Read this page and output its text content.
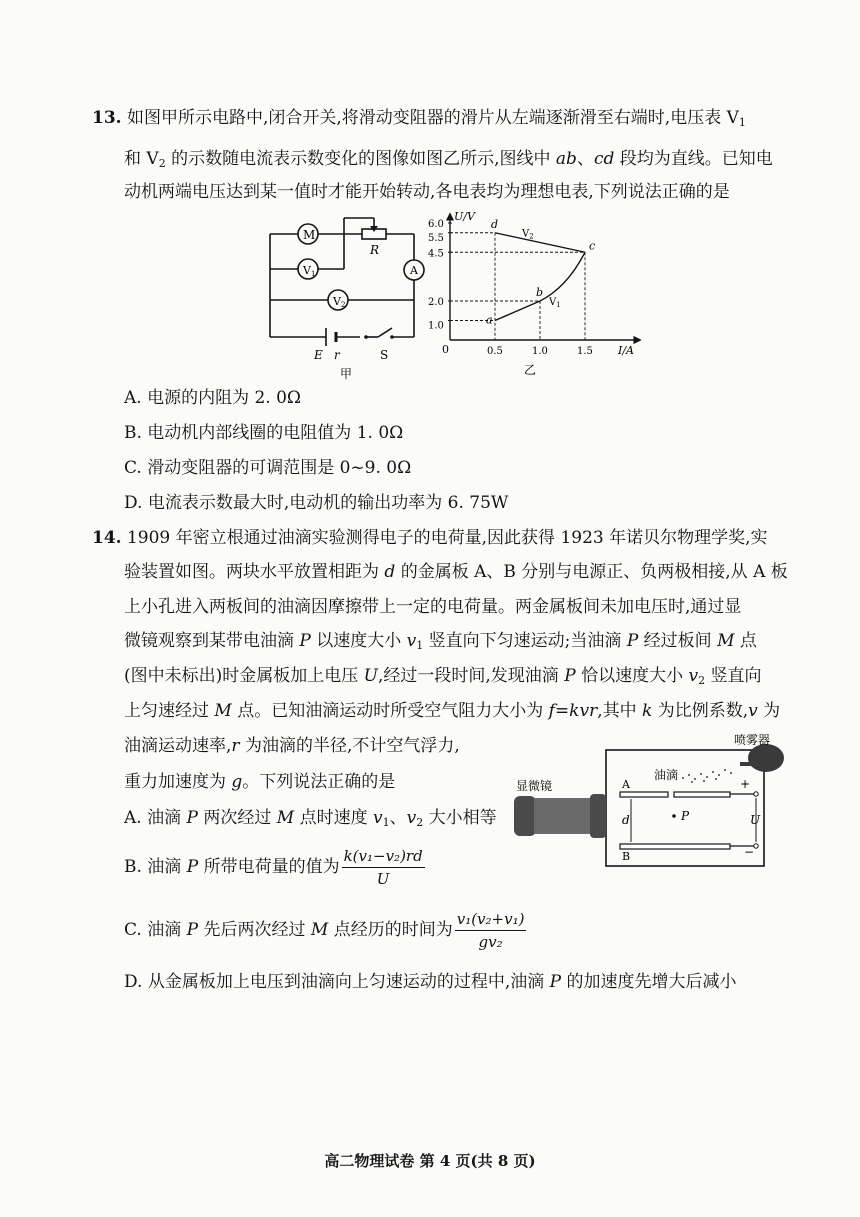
13. 如图甲所示电路中,闭合开关,将滑动变阻器的滑片从左端逐渐滑至右端时,电压表 $V_1$
和 $V_2$ 的示数随电流表示数变化的图像如图乙所示,图线中 ab、cd 段均为直线。已知电
动机两端电压达到某一值时才能开始转动,各电表均为理想电表,下列说法正确的是
M
V1
V2
A
R
E r	S
甲
6.0
5.5
4.5
2.0
1.0
0.5	1.0	1.5
d
c
b
a
$V_2$
$V_1$
U/V
I/A
0
乙
A. 电源的内阻为 2. 0Ω
B. 电动机内部线圈的电阻值为 1. 0Ω
C. 滑动变阻器的可调范围是 0~9. 0Ω
D. 电流表示数最大时,电动机的输出功率为 6. 75W
14. 1909 年密立根通过油滴实验测得电子的电荷量,因此获得 1923 年诺贝尔物理学奖,实
验装置如图。两块水平放置相距为 d 的金属板 A、B 分别与电源正、负两极相接,从 A 板
上小孔进入两板间的油滴因摩擦带上一定的电荷量。两金属板间未加电压时,通过显
微镜观察到某带电油滴 P 以速度大小 $v_1$ 竖直向下匀速运动;当油滴 P 经过板间 M 点
(图中未标出)时金属板加上电压 U,经过一段时间,发现油滴 P 恰以速度大小 $v_2$ 竖直向
上匀速经过 M 点。已知油滴运动时所受空气阻力大小为 f=kvr,其中 k 为比例系数,v 为
油滴运动速率,r 为油滴的半径,不计空气浮力,
重力加速度为 g。下列说法正确的是
A. 油滴 P 两次经过 M 点时速度 $v_1$、$v_2$ 大小相等
B. 油滴 P 所带电荷量的值为 $\frac{\text{k(v₁−v₂)rd}}{U}$
C. 油滴 P 先后两次经过 M 点经历的时间为 $\frac{\text{v₁(v₂+v₁)}}{\text{gv₂}}$
D. 从金属板加上电压到油滴向上匀速运动的过程中,油滴 P 的加速度先增大后减小
喷雾器
油滴
A
B
d	P
+
−
U
显微镜
高二物理试卷 第 4 页(共 8 页)
